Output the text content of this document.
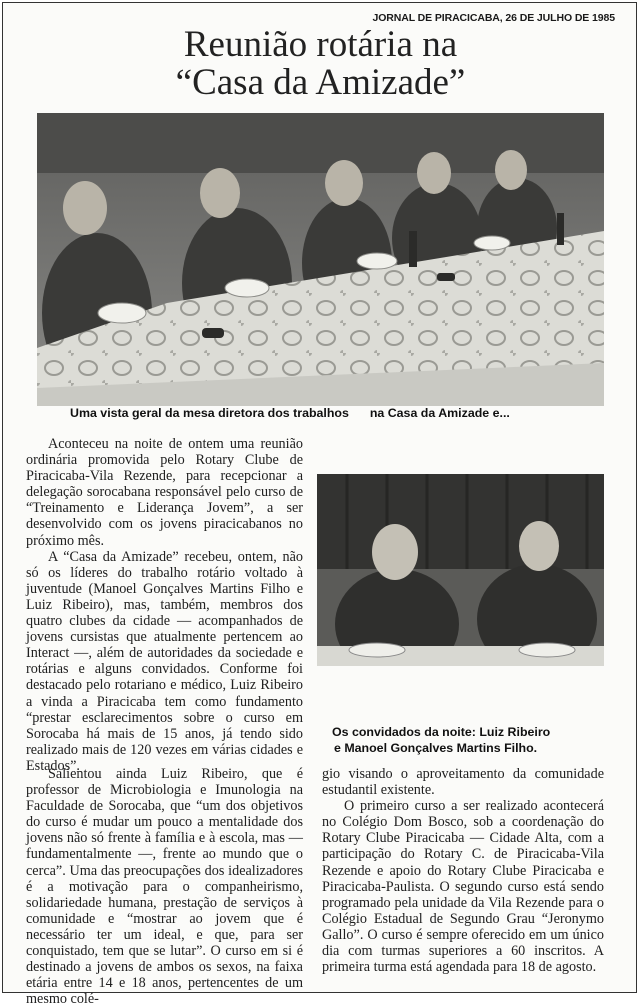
JORNAL DE PIRACICABA, 26 DE JULHO DE 1985
Reunião rotária na
“Casa da Amizade”
Uma vista geral da mesa diretora dos trabalhos na Casa da Amizade e...
Os convidados da noite: Luiz Ribeiro
e Manoel Gonçalves Martins Filho.

Aconteceu na noite de ontem uma reunião ordinária promovida pelo Rotary Clube de Piracicaba-Vila Rezende, para recepcionar a delegação sorocabana responsável pelo curso de “Treinamento e Liderança Jovem”, a ser desenvolvido com os jovens piracicabanos no próximo mês.

A “Casa da Amizade” recebeu, ontem, não só os líderes do trabalho rotário voltado à juventude (Manoel Gonçalves Martins Filho e Luiz Ribeiro), mas, também, membros dos quatro clubes da cidade — acompanhados de jovens cursistas que atualmente pertencem ao Interact —, além de autoridades da sociedade e rotárias e alguns convidados. Conforme foi destacado pelo rotariano e médico, Luiz Ribeiro a vinda a Piracicaba tem como fundamento “prestar esclarecimentos sobre o curso em Sorocaba há mais de 15 anos, já tendo sido realizado mais de 120 vezes em várias cidades e Estados”.

Salientou ainda Luiz Ribeiro, que é professor de Microbiologia e Imunologia na Faculdade de Sorocaba, que “um dos objetivos do curso é mudar um pouco a mentalidade dos jovens não só frente à família e à escola, mas — fundamentalmente —, frente ao mundo que o cerca”. Uma das preocupações dos idealizadores é a motivação para o companheirismo, solidariedade humana, prestação de serviços à comunidade e “mostrar ao jovem que é necessário ter um ideal, e que, para ser conquistado, tem que se lutar”. O curso em si é destinado a jovens de ambos os sexos, na faixa etária entre 14 e 18 anos, pertencentes de um mesmo colé-

gio visando o aproveitamento da comunidade estudantil existente.

O primeiro curso a ser realizado acontecerá no Colégio Dom Bosco, sob a coordenação do Rotary Clube Piracicaba — Cidade Alta, com a participação do Rotary C. de Piracicaba-Vila Rezende e apoio do Rotary Clube Piracicaba e Piracicaba-Paulista. O segundo curso está sendo programado pela unidade da Vila Rezende para o Colégio Estadual de Segundo Grau “Jeronymo Gallo”. O curso é sempre oferecido em um único dia com turmas superiores a 60 inscritos. A primeira turma está agendada para 18 de agosto.
